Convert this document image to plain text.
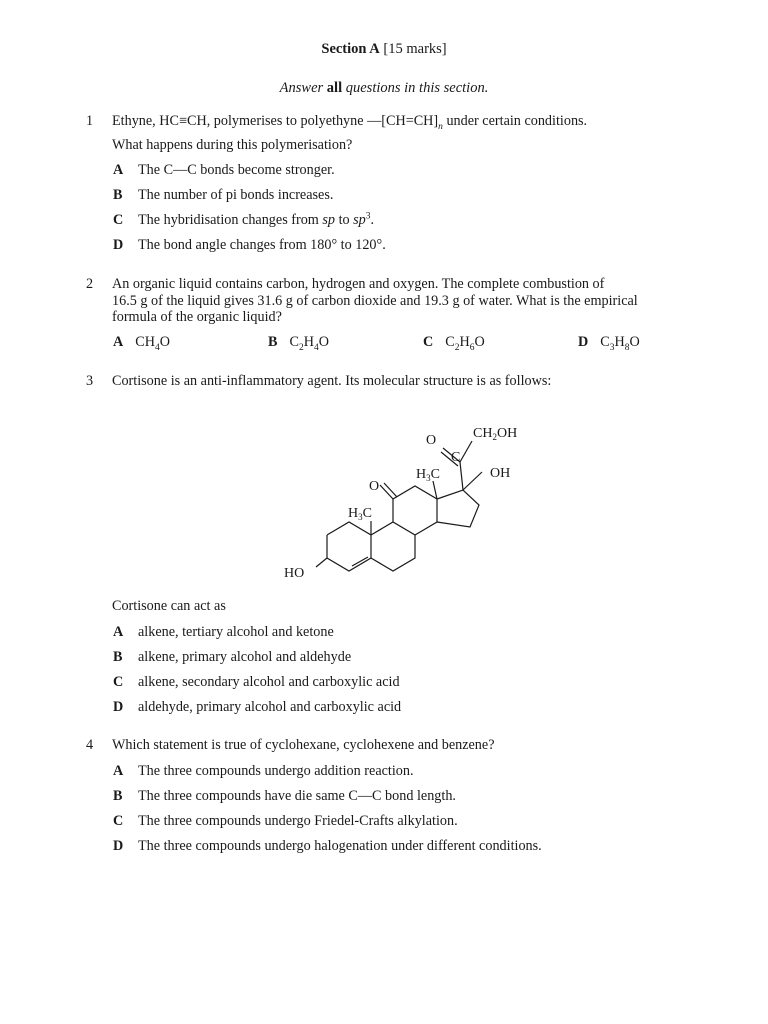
Section A [15 marks]
Answer all questions in this section.
1 Ethyne, HC≡CH, polymerises to polyethyne $—[CH=CH]_n$ under certain conditions.
What happens during this polymerisation?
A The C—C bonds become stronger.
B The number of pi bonds increases.
C The hybridisation changes from sp to $sp^3$.
D The bond angle changes from 180° to 120°.
2 An organic liquid contains carbon, hydrogen and oxygen. The complete combustion of
16.5 g of the liquid gives 31.6 g of carbon dioxide and 19.3 g of water. What is the empirical
formula of the organic liquid?
A $CH_4O$	B $C_2H_4O$	C $C_2H_6O$	D $C_3H_8O$
3 Cortisone is an anti-inflammatory agent. Its molecular structure is as follows:
$CH_2OH$
O
C
$H_3C$	OH
O
$H_3C$
HO
Cortisone can act as
A alkene, tertiary alcohol and ketone
B alkene, primary alcohol and aldehyde
C alkene, secondary alcohol and carboxylic acid
D aldehyde, primary alcohol and carboxylic acid
4 Which statement is true of cyclohexane, cyclohexene and benzene?
A The three compounds undergo addition reaction.
B The three compounds have die same C—C bond length.
C The three compounds undergo Friedel-Crafts alkylation.
D The three compounds undergo halogenation under different conditions.
